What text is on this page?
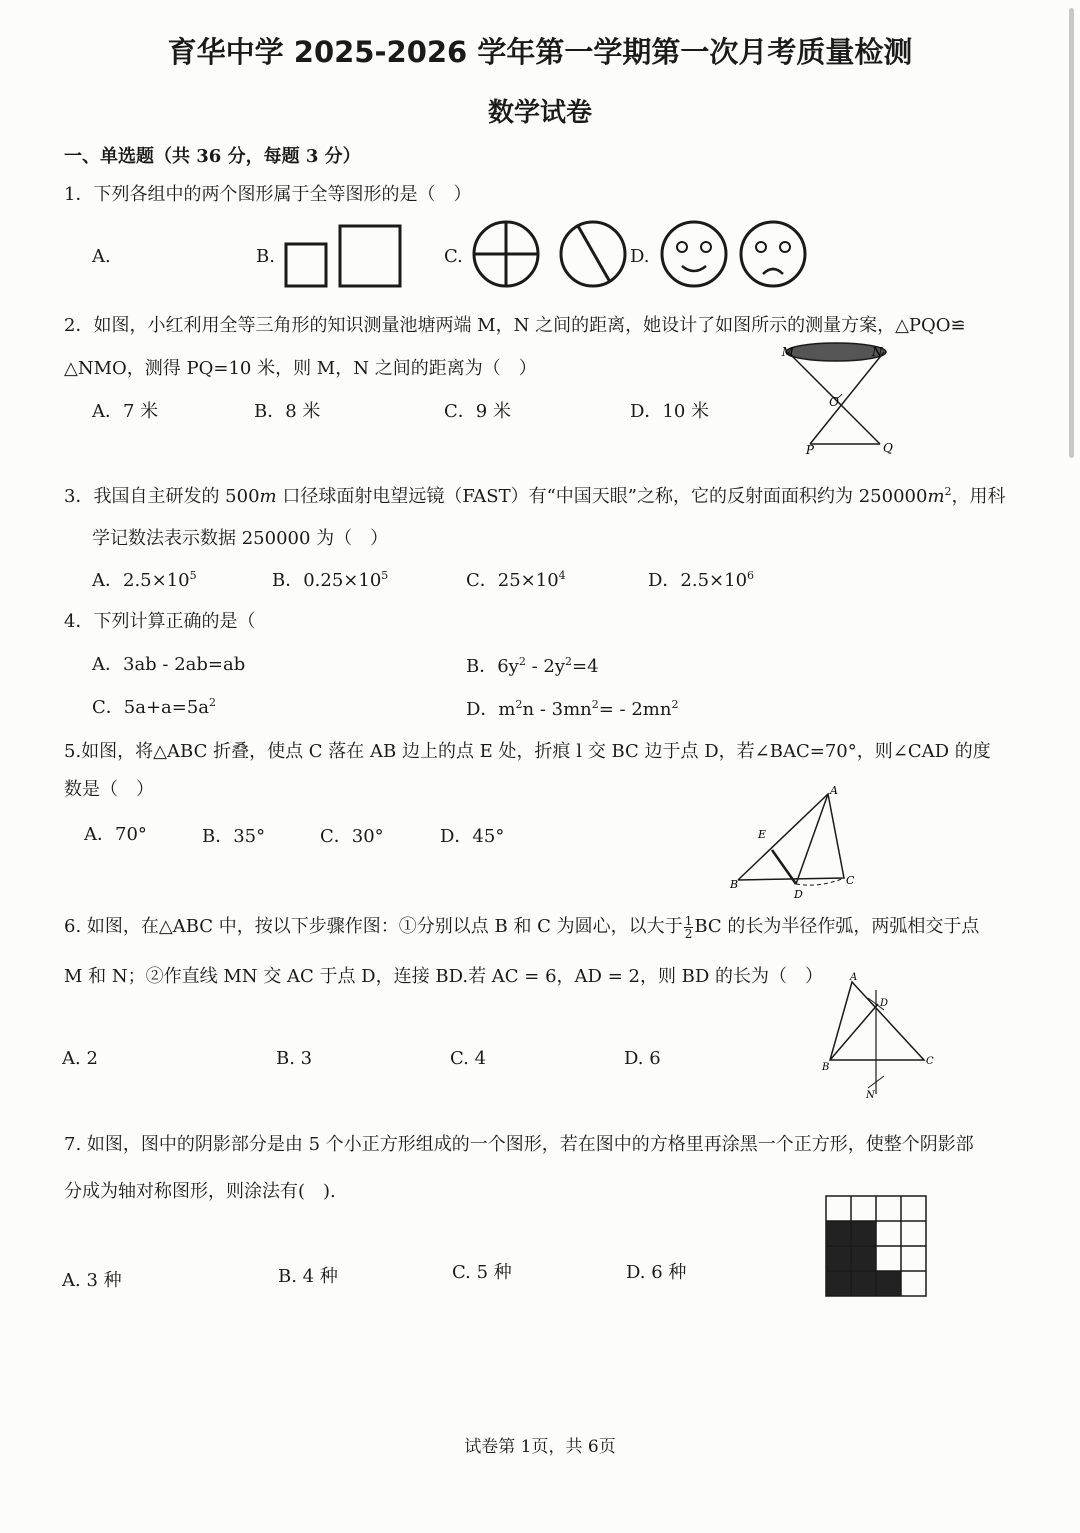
育华中学 2025-2026 学年第一学期第一次月考质量检测
数学试卷
一、单选题（共 36 分，每题 3 分）
1．下列各组中的两个图形属于全等图形的是（　）
A.	B.	C.	D.
2．如图，小红利用全等三角形的知识测量池塘两端 M，N 之间的距离，她设计了如图所示的测量方案，△PQO≌
△NMO，测得 PQ=10 米，则 M，N 之间的距离为（　）
A．7 米	B．8 米	C．9 米	D．10 米
M	N
O
P	Q
3．我国自主研发的 500m 口径球面射电望远镜（FAST）有“中国天眼”之称，它的反射面面积约为 $250000m^2$，用科
学记数法表示数据 250000 为（　）
A．$2.5\times 10^5$	B．$0.25\times 10^5$	C．$25\times 10^4$	D．$2.5\times 10^6$
4．下列计算正确的是（
A．3ab - 2ab=ab	B．$6y^2 - 2y^2=4$
C．$5a+a=5a^2$	D．$m^2n - 3mn^2= - 2mn^2$
5.如图，将△ABC 折叠，使点 C 落在 AB 边上的点 E 处，折痕 l 交 BC 边于点 D，若∠BAC=70°，则∠CAD 的度
数是（　）
A．70°	B．35°	C．30°	D．45°
A
B	C
D
E
6. 如图，在△ABC 中，按以下步骤作图：①分别以点 B 和 C 为圆心，以大于 $\frac{1}{2}$ BC 的长为半径作弧，两弧相交于点
M 和 N；②作直线 MN 交 AC 于点 D，连接 BD.若 AC = 6，AD = 2，则 BD 的长为（　）
A. 2	B. 3	C. 4	D. 6
A
B
C
D
N
7. 如图，图中的阴影部分是由 5 个小正方形组成的一个图形，若在图中的方格里再涂黑一个正方形，使整个阴影部
分成为轴对称图形，则涂法有(　).
A. 3 种	B. 4 种	C. 5 种	D. 6 种
试卷第 1页，共 6页
